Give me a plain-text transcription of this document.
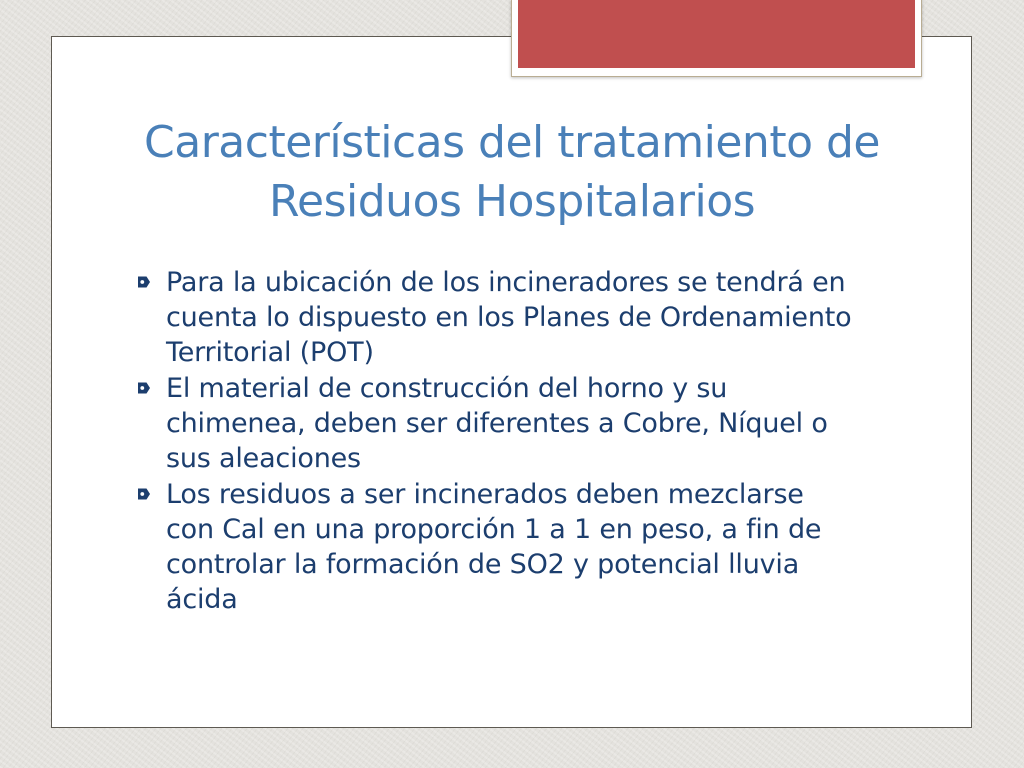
Características del tratamiento de Residuos Hospitalarios
Para la ubicación de los incineradores se tendrá en cuenta lo dispuesto en los Planes de Ordenamiento Territorial (POT)
El material de construcción del horno y su chimenea, deben ser diferentes a Cobre, Níquel o sus aleaciones
Los residuos a ser incinerados deben mezclarse con Cal en una proporción 1 a 1 en peso, a fin de controlar la formación de SO2 y potencial lluvia ácida
